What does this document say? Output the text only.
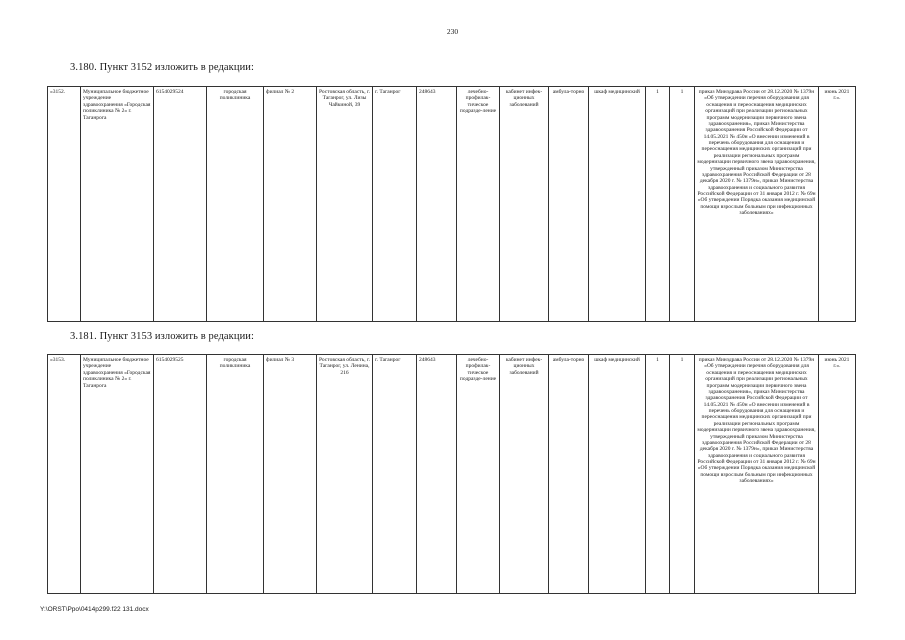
230
3.180. Пункт 3152 изложить в редакции:
«3152.	Муниципальное бюджетное учреждение здравоохранения «Городская поликлиника № 2» г. Таганрога	6154029524	городская поликлиника	филиал № 2	Ростовская область, г. Таганрог, ул. Лизы Чайкиной, 39	г. Таганрог	248643	лечебно-профилак-тическое подразде-ление	кабинет инфек-ционных заболеваний	амбула-торно	шкаф медицинский	1	1	приказ Минздрава России от 28.12.2020 № 1379н «Об утверждении перечня оборудования для оснащения и переоснащения медицинских организаций при реализации региональных программ модернизации первичного звена здравоохранения», приказ Министерства здравоохранения Российской Федерации от 14.05.2021 № 450н «О внесении изменений в перечень оборудования для оснащения и переоснащения медицинских организаций при реализации региональных программ модернизации первичного звена здравоохранения, утвержденный приказом Министерства здравоохранения Российской Федерации от 28 декабря 2020 г. № 1379н», приказ Министерства здравоохранения и социального развития Российской Федерации от 31 января 2012 г. № 69н «Об утверждении Порядка оказания медицинской помощи взрослым больным при инфекционных заболеваниях»	июнь 2021 г.».
3.181. Пункт 3153 изложить в редакции:
«3153.	Муниципальное бюджетное учреждение здравоохранения «Городская поликлиника № 2» г. Таганрога	6154029525	городская поликлиника	филиал № 3	Ростовская область, г. Таганрог, ул. Ленина, 216	г. Таганрог	248643	лечебно-профилак-тическое подразде-ление	кабинет инфек-ционных заболеваний	амбула-торно	шкаф медицинский	1	1	приказ Минздрава России от 28.12.2020 № 1379н «Об утверждении перечня оборудования для оснащения и переоснащения медицинских организаций при реализации региональных программ модернизации первичного звена здравоохранения», приказ Министерства здравоохранения Российской Федерации от 14.05.2021 № 450н «О внесении изменений в перечень оборудования для оснащения и переоснащения медицинских организаций при реализации региональных программ модернизации первичного звена здравоохранения, утвержденный приказом Министерства здравоохранения Российской Федерации от 28 декабря 2020 г. № 1379н», приказ Министерства здравоохранения и социального развития Российской Федерации от 31 января 2012 г. № 69н «Об утверждении Порядка оказания медицинской помощи взрослым больным при инфекционных заболеваниях»	июнь 2021 г.».
Y:\ORST\Ppo\0414p299.f22 131.docx
